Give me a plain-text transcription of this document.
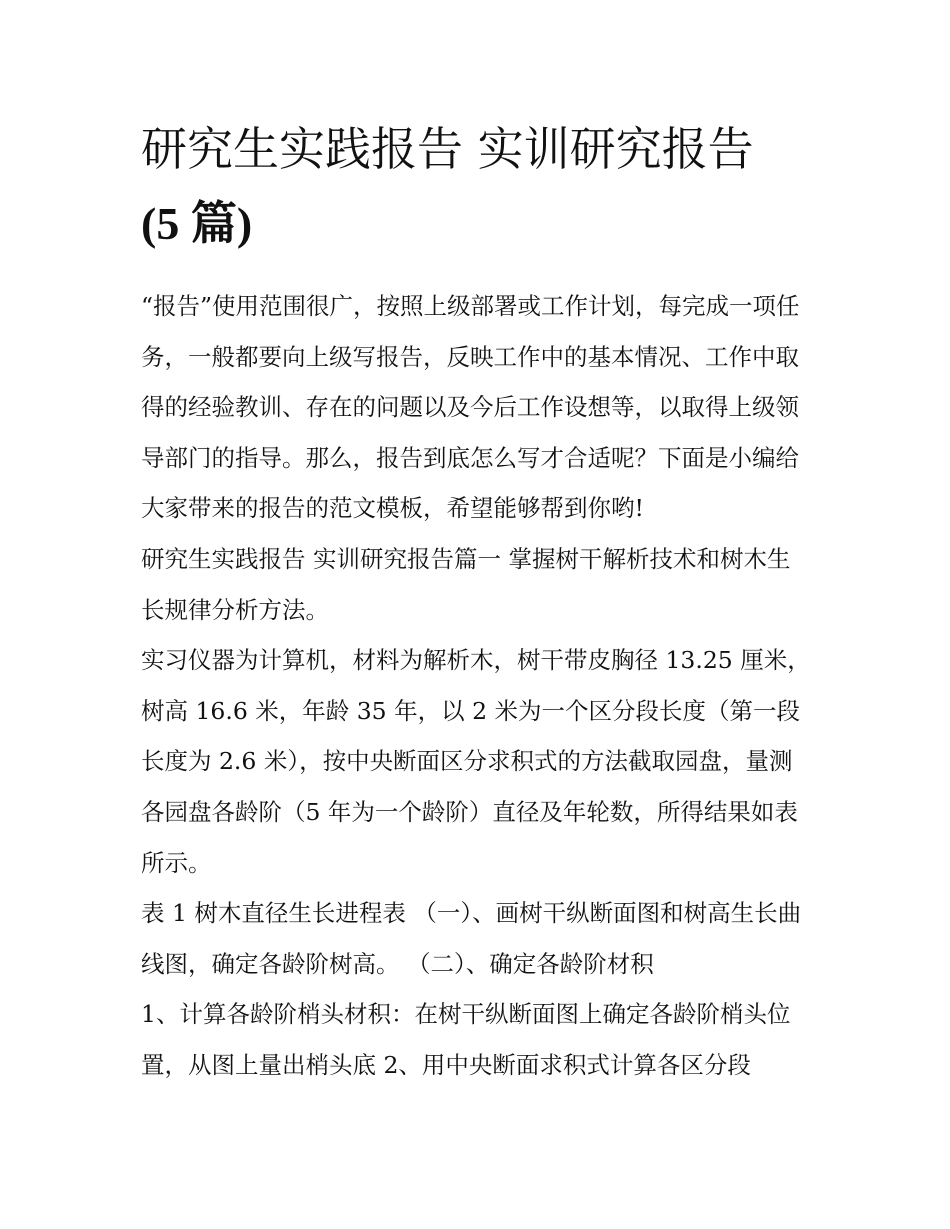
研究生实践报告 实训研究报告
(5 篇)

“报告”使用范围很广，按照上级部署或工作计划，每完成一项任务，一般都要向上级写报告，反映工作中的基本情况、工作中取得的经验教训、存在的问题以及今后工作设想等，以取得上级领导部门的指导。那么，报告到底怎么写才合适呢？下面是小编给大家带来的报告的范文模板，希望能够帮到你哟!

研究生实践报告 实训研究报告篇一 掌握树干解析技术和树木生长规律分析方法。

实习仪器为计算机，材料为解析木，树干带皮胸径 13.25 厘米，树高 16.6 米，年龄 35 年，以 2 米为一个区分段长度（第一段长度为 2.6 米），按中央断面区分求积式的方法截取园盘，量测各园盘各龄阶（5 年为一个龄阶）直径及年轮数，所得结果如表所示。

表 1 树木直径生长进程表 （一）、画树干纵断面图和树高生长曲线图，确定各龄阶树高。 （二）、确定各龄阶材积

1、计算各龄阶梢头材积：在树干纵断面图上确定各龄阶梢头位置，从图上量出梢头底 2、用中央断面求积式计算各区分段
